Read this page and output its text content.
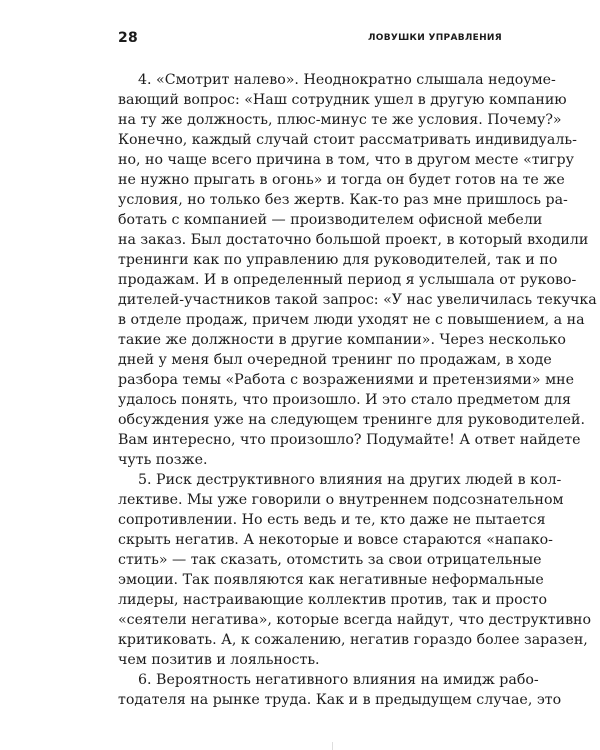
28	ЛОВУШКИ УПРАВЛЕНИЯ
4. «Смотрит налево». Неоднократно слышала недоуме-
вающий вопрос: «Наш сотрудник ушел в другую компанию
на ту же должность, плюс-минус те же условия. Почему?»
Конечно, каждый случай стоит рассматривать индивидуаль-
но, но чаще всего причина в том, что в другом месте «тигру
не нужно прыгать в огонь» и тогда он будет готов на те же
условия, но только без жертв. Как-то раз мне пришлось ра-
ботать с компанией — производителем офисной мебели
на заказ. Был достаточно большой проект, в который входили
тренинги как по управлению для руководителей, так и по
продажам. И в определенный период я услышала от руково-
дителей-участников такой запрос: «У нас увеличилась текучка
в отделе продаж, причем люди уходят не с повышением, а на
такие же должности в другие компании». Через несколько
дней у меня был очередной тренинг по продажам, в ходе
разбора темы «Работа с возражениями и претензиями» мне
удалось понять, что произошло. И это стало предметом для
обсуждения уже на следующем тренинге для руководителей.
Вам интересно, что произошло? Подумайте! А ответ найдете
чуть позже.
5. Риск деструктивного влияния на других людей в кол-
лективе. Мы уже говорили о внутреннем подсознательном
сопротивлении. Но есть ведь и те, кто даже не пытается
скрыть негатив. А некоторые и вовсе стараются «напако-
стить» — так сказать, отомстить за свои отрицательные
эмоции. Так появляются как негативные неформальные
лидеры, настраивающие коллектив против, так и просто
«сеятели негатива», которые всегда найдут, что деструктивно
критиковать. А, к сожалению, негатив гораздо более заразен,
чем позитив и лояльность.
6. Вероятность негативного влияния на имидж рабо-
тодателя на рынке труда. Как и в предыдущем случае, это
